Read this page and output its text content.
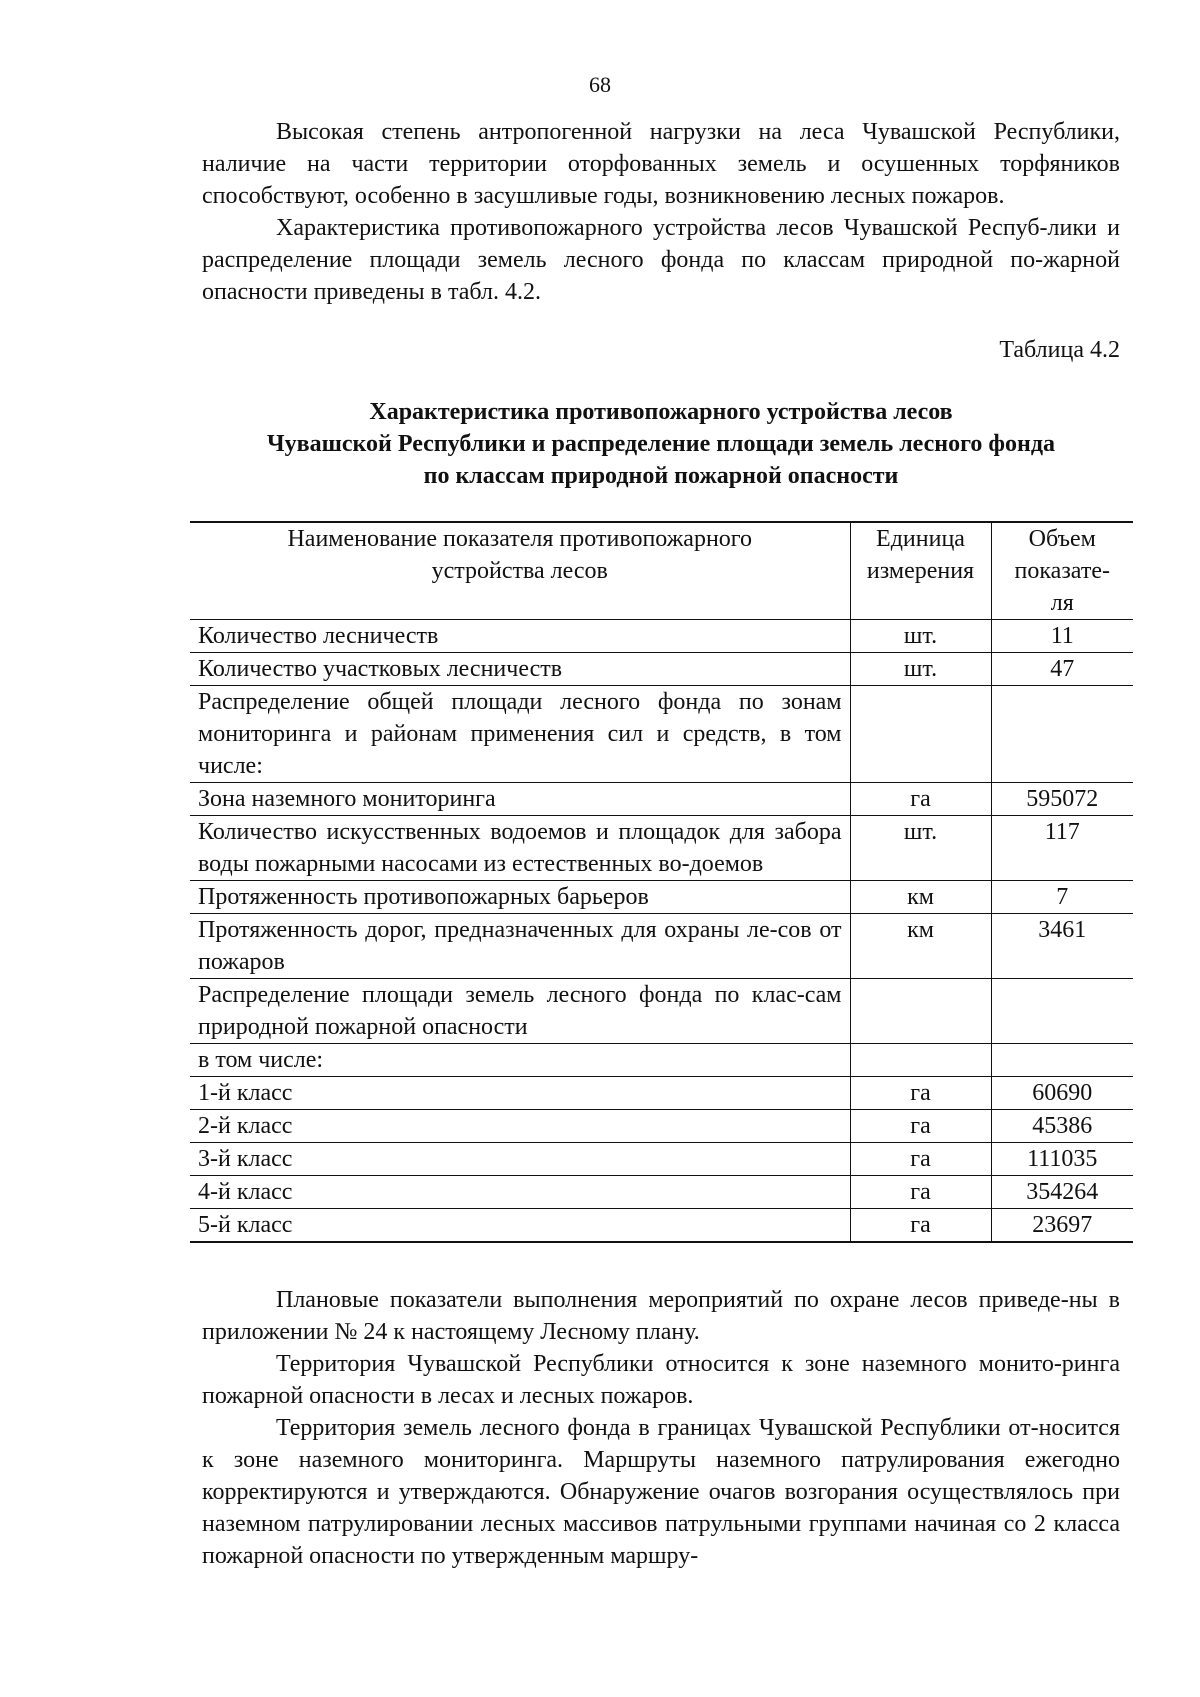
68

Высокая степень антропогенной нагрузки на леса Чувашской Республики, наличие на части территории оторфованных земель и осушенных торфяников способствуют, особенно в засушливые годы, возникновению лесных пожаров.

Характеристика противопожарного устройства лесов Чувашской Респуб-лики и распределение площади земель лесного фонда по классам природной по-жарной опасности приведены в табл. 4.2.

Таблица 4.2
Характеристика противопожарного устройства лесов
Чувашской Республики и распределение площади земель лесного фонда
по классам природной пожарной опасности
Наименование показателя противопожарного устройства лесов	Единица измерения	Объем показате-ля
Количество лесничеств	шт.	11
Количество участковых лесничеств	шт.	47
Распределение общей площади лесного фонда по зонам мониторинга и районам применения сил и средств, в том числе:		
Зона наземного мониторинга	га	595072
Количество искусственных водоемов и площадок для забора воды пожарными насосами из естественных во-доемов	шт.	117
Протяженность противопожарных барьеров	км	7
Протяженность дорог, предназначенных для охраны ле-сов от пожаров	км	3461
Распределение площади земель лесного фонда по клас-сам природной пожарной опасности		
в том числе:		
1-й класс	га	60690
2-й класс	га	45386
3-й класс	га	111035
4-й класс	га	354264
5-й класс	га	23697

Плановые показатели выполнения мероприятий по охране лесов приведе-ны в приложении № 24 к настоящему Лесному плану.

Территория Чувашской Республики относится к зоне наземного монито-ринга пожарной опасности в лесах и лесных пожаров.

Территория земель лесного фонда в границах Чувашской Республики от-носится к зоне наземного мониторинга. Маршруты наземного патрулирования ежегодно корректируются и утверждаются. Обнаружение очагов возгорания осуществлялось при наземном патрулировании лесных массивов патрульными группами начиная со 2 класса пожарной опасности по утвержденным маршру-
